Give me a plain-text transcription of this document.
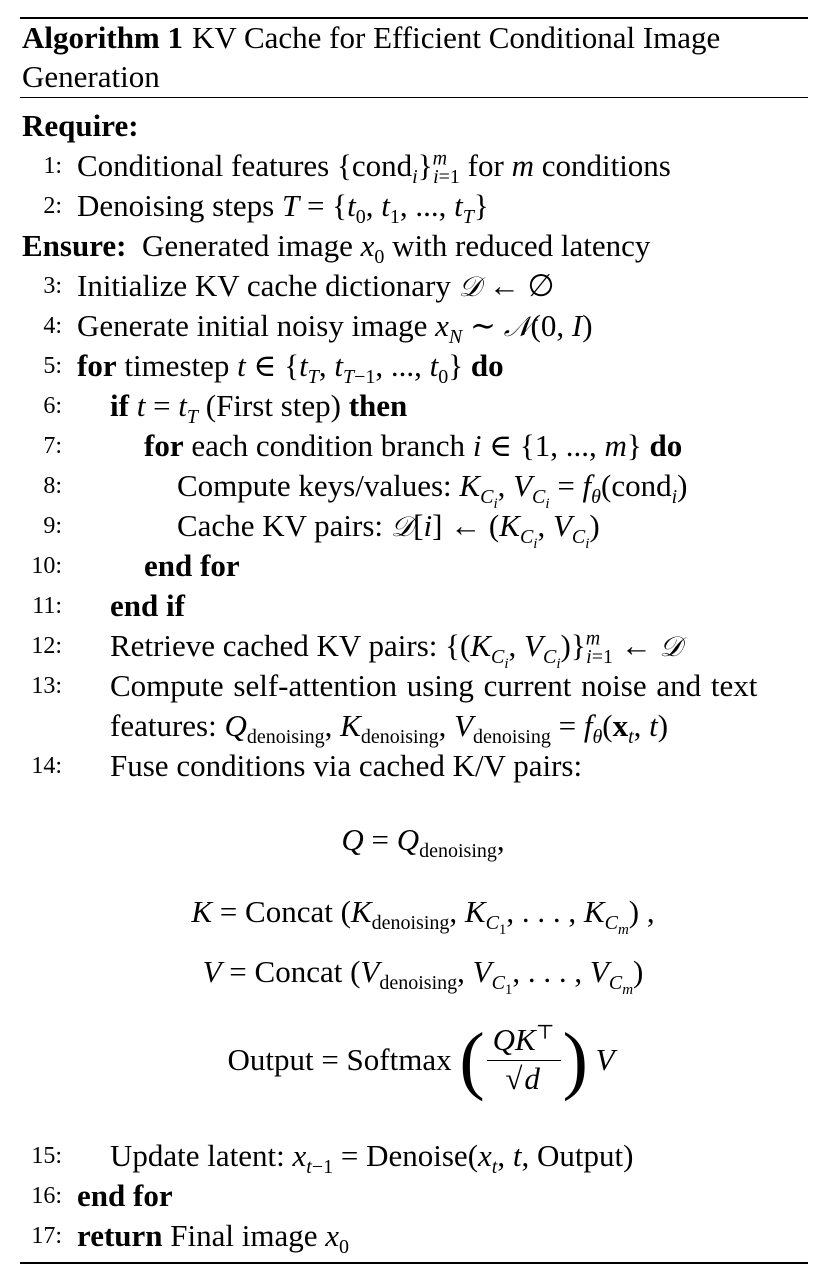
Algorithm 1 KV Cache for Efficient Conditional Image
Generation
Require:
1: Conditional features {cond$_i$}$^m_{i=1}$ for m conditions
2: Denoising steps $T = \{t_0$, $t_1$, ..., $t_T$}
Ensure: Generated image $x_0$ with reduced latency
3: Initialize KV cache dictionary 𝒟 ← ∅
4: Generate initial noisy image $x_N$ ∼ 𝒩(0, I)
5: for timestep t ∈ {$t_T$, $t_{T-1}$, ..., $t_0$} do
6: if $t = t_T$ (First step) then
7:	for each condition branch i ∈ {1, ..., m} do
8:	Compute keys/values: $K_{C_i}$, $V_{C_i}$ = $f_\theta(cond_i)$
9:	Cache KV pairs: 𝒟[i] ← ($K_{C_i}$, $V_{C_i}$)
10:	end for
11: end if
12: Retrieve cached KV pairs: {($K_{C_i}$, $V_{C_i})\}^m_{i=1}$ ← 𝒟
13: Compute self-attention using current noise and text
features: $Q_{denoising}$, $K_{denoising}$, $V_{denoising} = f_\theta(x_t$, t)
14: Fuse conditions via cached K/V pairs:
$Q = Q_{denoising}$,
K = Concat ($K_{denoising}$, $K_{C_1}$, . . . , $K_{C_m}$) ,
V = Concat ($V_{denoising}$, $V_{C_1}$, . . . , $V_{C_m}$)
Output = Softmax ( $\frac{QK^⊤}{√d}$ ) V
15: Update latent: $x_{t-1}$ = $Denoise(x_t$, t, Output)
16: end for
17: return Final image $x_0$
